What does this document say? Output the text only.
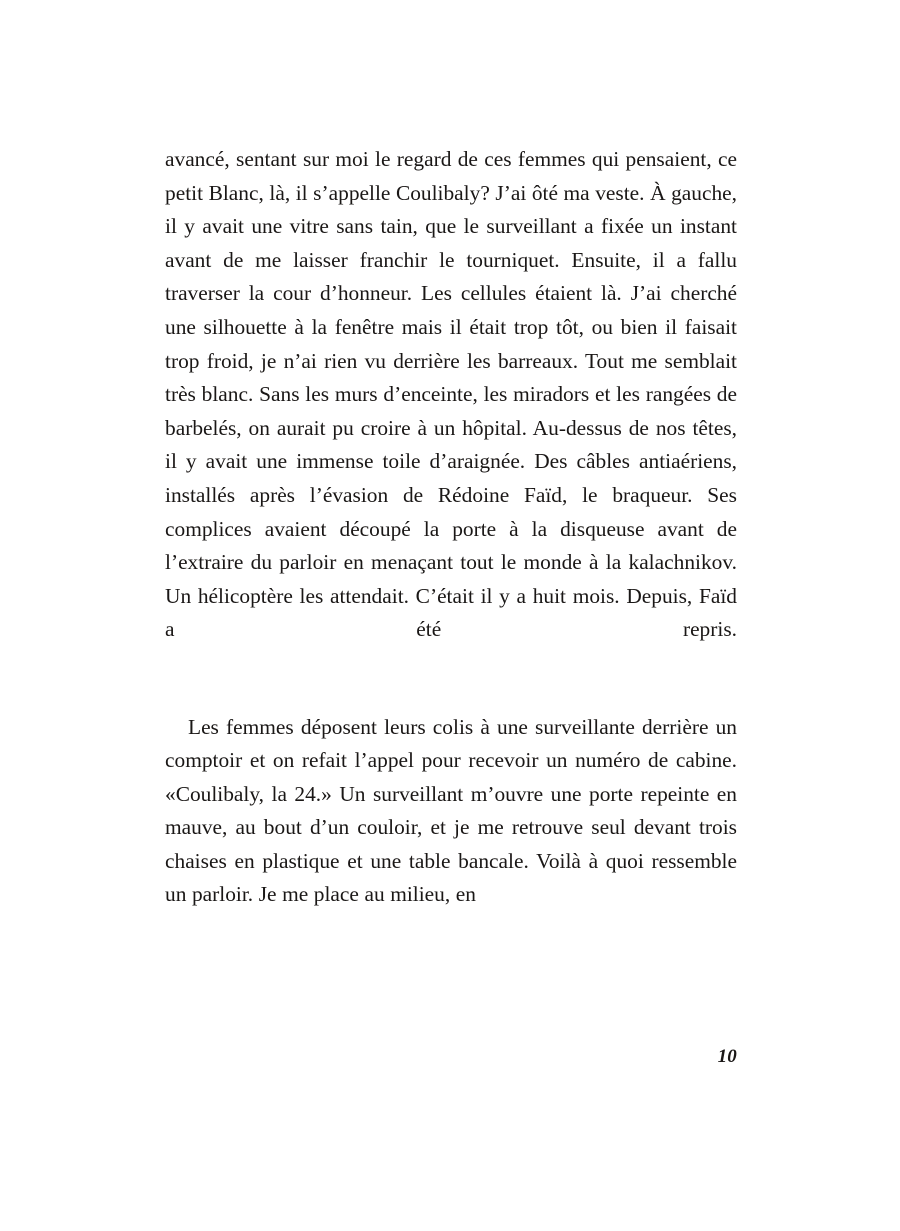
avancé, sentant sur moi le regard de ces femmes qui pensaient, ce petit Blanc, là, il s’appelle Coulibaly? J’ai ôté ma veste. À gauche, il y avait une vitre sans tain, que le surveillant a fixée un instant avant de me laisser franchir le tourniquet. Ensuite, il a fallu traverser la cour d’honneur. Les cellules étaient là. J’ai cherché une silhouette à la fenêtre mais il était trop tôt, ou bien il faisait trop froid, je n’ai rien vu derrière les barreaux. Tout me semblait très blanc. Sans les murs d’enceinte, les miradors et les rangées de barbelés, on aurait pu croire à un hôpital. Au-dessus de nos têtes, il y avait une immense toile d’araignée. Des câbles antiaériens, installés après l’évasion de Rédoine Faïd, le braqueur. Ses complices avaient découpé la porte à la disqueuse avant de l’extraire du parloir en menaçant tout le monde à la kalachnikov. Un hélicoptère les attendait. C’était il y a huit mois. Depuis, Faïd a été repris.

Les femmes déposent leurs colis à une surveillante derrière un comptoir et on refait l’appel pour recevoir un numéro de cabine. «Coulibaly, la 24.» Un surveillant m’ouvre une porte repeinte en mauve, au bout d’un couloir, et je me retrouve seul devant trois chaises en plastique et une table bancale. Voilà à quoi ressemble un parloir. Je me place au milieu, en

10
